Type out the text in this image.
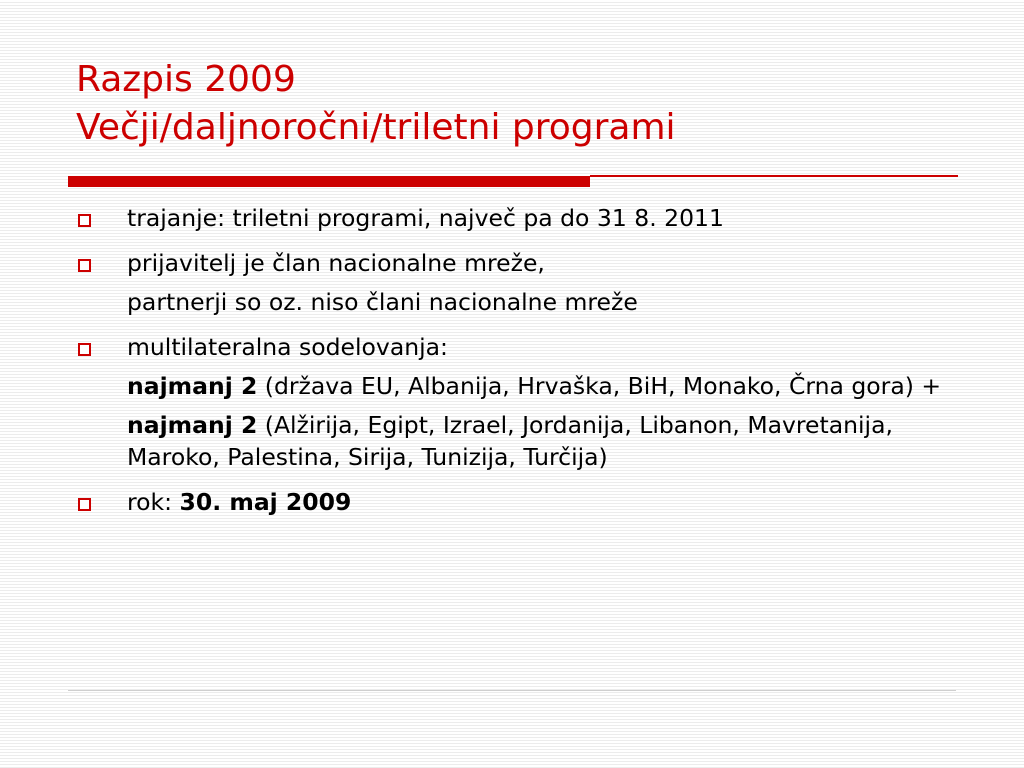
Razpis 2009
Večji/daljnoročni/triletni programi
trajanje: triletni programi, največ pa do 31 8. 2011
prijavitelj je član nacionalne mreže,
partnerji so oz. niso člani nacionalne mreže
multilateralna sodelovanja:
najmanj 2 (država EU, Albanija, Hrvaška, BiH, Monako, Črna gora) +
najmanj 2 (Alžirija, Egipt, Izrael, Jordanija, Libanon, Mavretanija, Maroko, Palestina, Sirija, Tunizija, Turčija)
rok: 30. maj 2009
